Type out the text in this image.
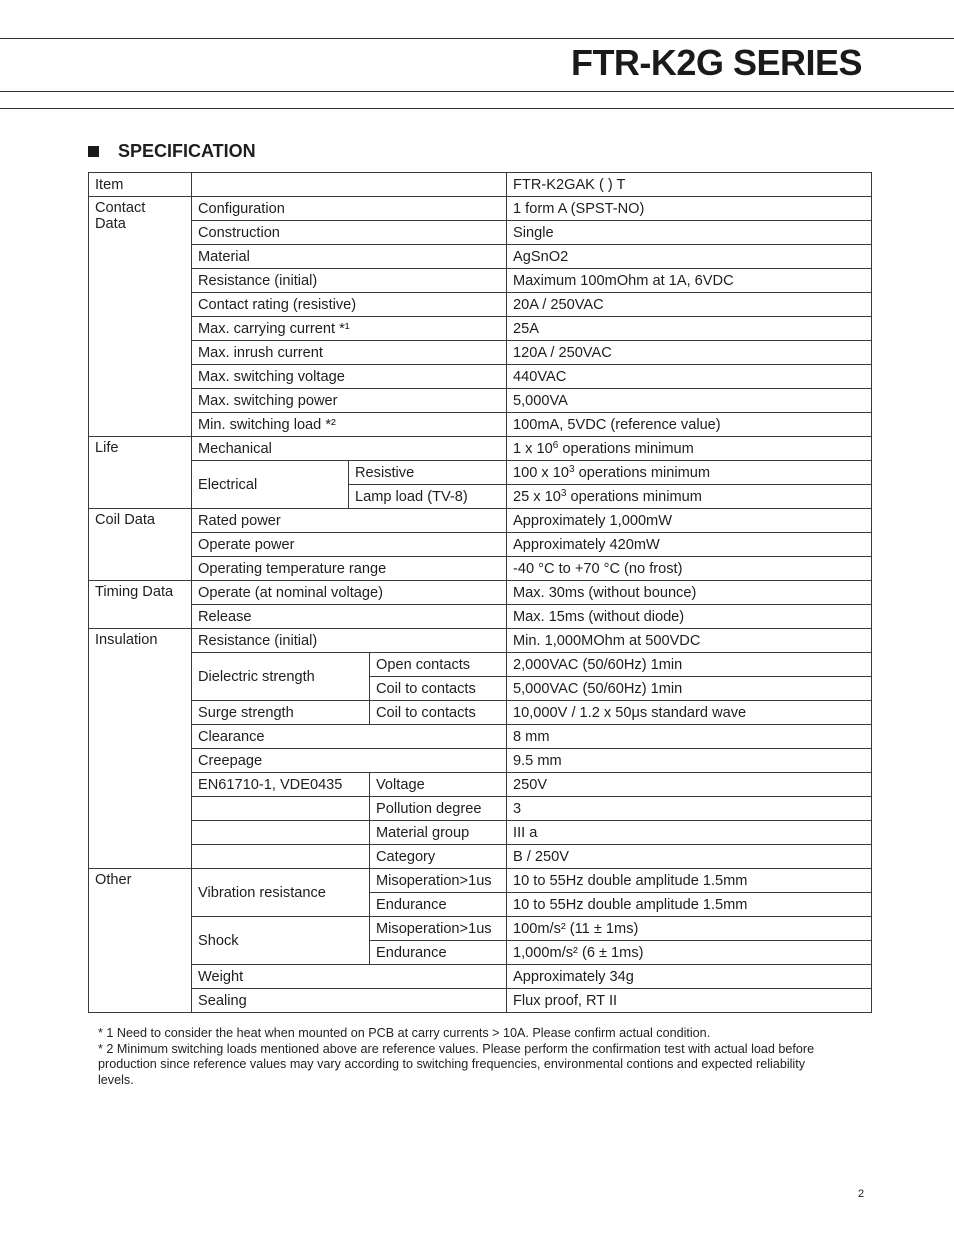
FTR-K2G SERIES
SPECIFICATION
Item				FTR-K2GAK ( ) T
Contact
Data	Configuration			1 form A (SPST-NO)
	Construction			Single
	Material			AgSnO2
	Resistance (initial)			Maximum 100mOhm at 1A, 6VDC
	Contact rating (resistive)			20A / 250VAC
	Max. carrying current *¹			25A
	Max. inrush current			120A / 250VAC
	Max. switching voltage			440VAC
	Max. switching power			5,000VA
	Min. switching load *²			100mA, 5VDC (reference value)
Life	Mechanical			1 x $10^6$ operations minimum
	Electrical	Resistive		100 x $10^3$ operations minimum
		Lamp load (TV-8)		25 x $10^3$ operations minimum
Coil Data	Rated power			Approximately 1,000mW
	Operate power			Approximately 420mW
	Operating temperature range			-40 °C to +70 °C (no frost)
Timing Data	Operate (at nominal voltage)			Max. 30ms (without bounce)
	Release			Max. 15ms (without diode)
Insulation	Resistance (initial)			Min. 1,000MOhm at 500VDC
	Dielectric strength		Open contacts	2,000VAC (50/60Hz) 1min
			Coil to contacts	5,000VAC (50/60Hz) 1min
	Surge strength		Coil to contacts	10,000V / 1.2 x 50μs standard wave
	Clearance			8 mm
	Creepage			9.5 mm
	EN61710-1, VDE0435		Voltage	250V
			Pollution degree	3
			Material group	III a
			Category	B / 250V
Other	Vibration resistance		Misoperation>1us	10 to 55Hz double amplitude 1.5mm
			Endurance	10 to 55Hz double amplitude 1.5mm
	Shock		Misoperation>1us	100m/s² (11 ± 1ms)
			Endurance	1,000m/s² (6 ± 1ms)
	Weight			Approximately 34g
	Sealing			Flux proof, RT II

* 1 Need to consider the heat when mounted on PCB at carry currents > 10A. Please confirm actual condition.

* 2 Minimum switching loads mentioned above are reference values. Please perform the confirmation test with actual load before production since reference values may vary according to switching frequencies, environmental contions and expected reliability levels.

2
